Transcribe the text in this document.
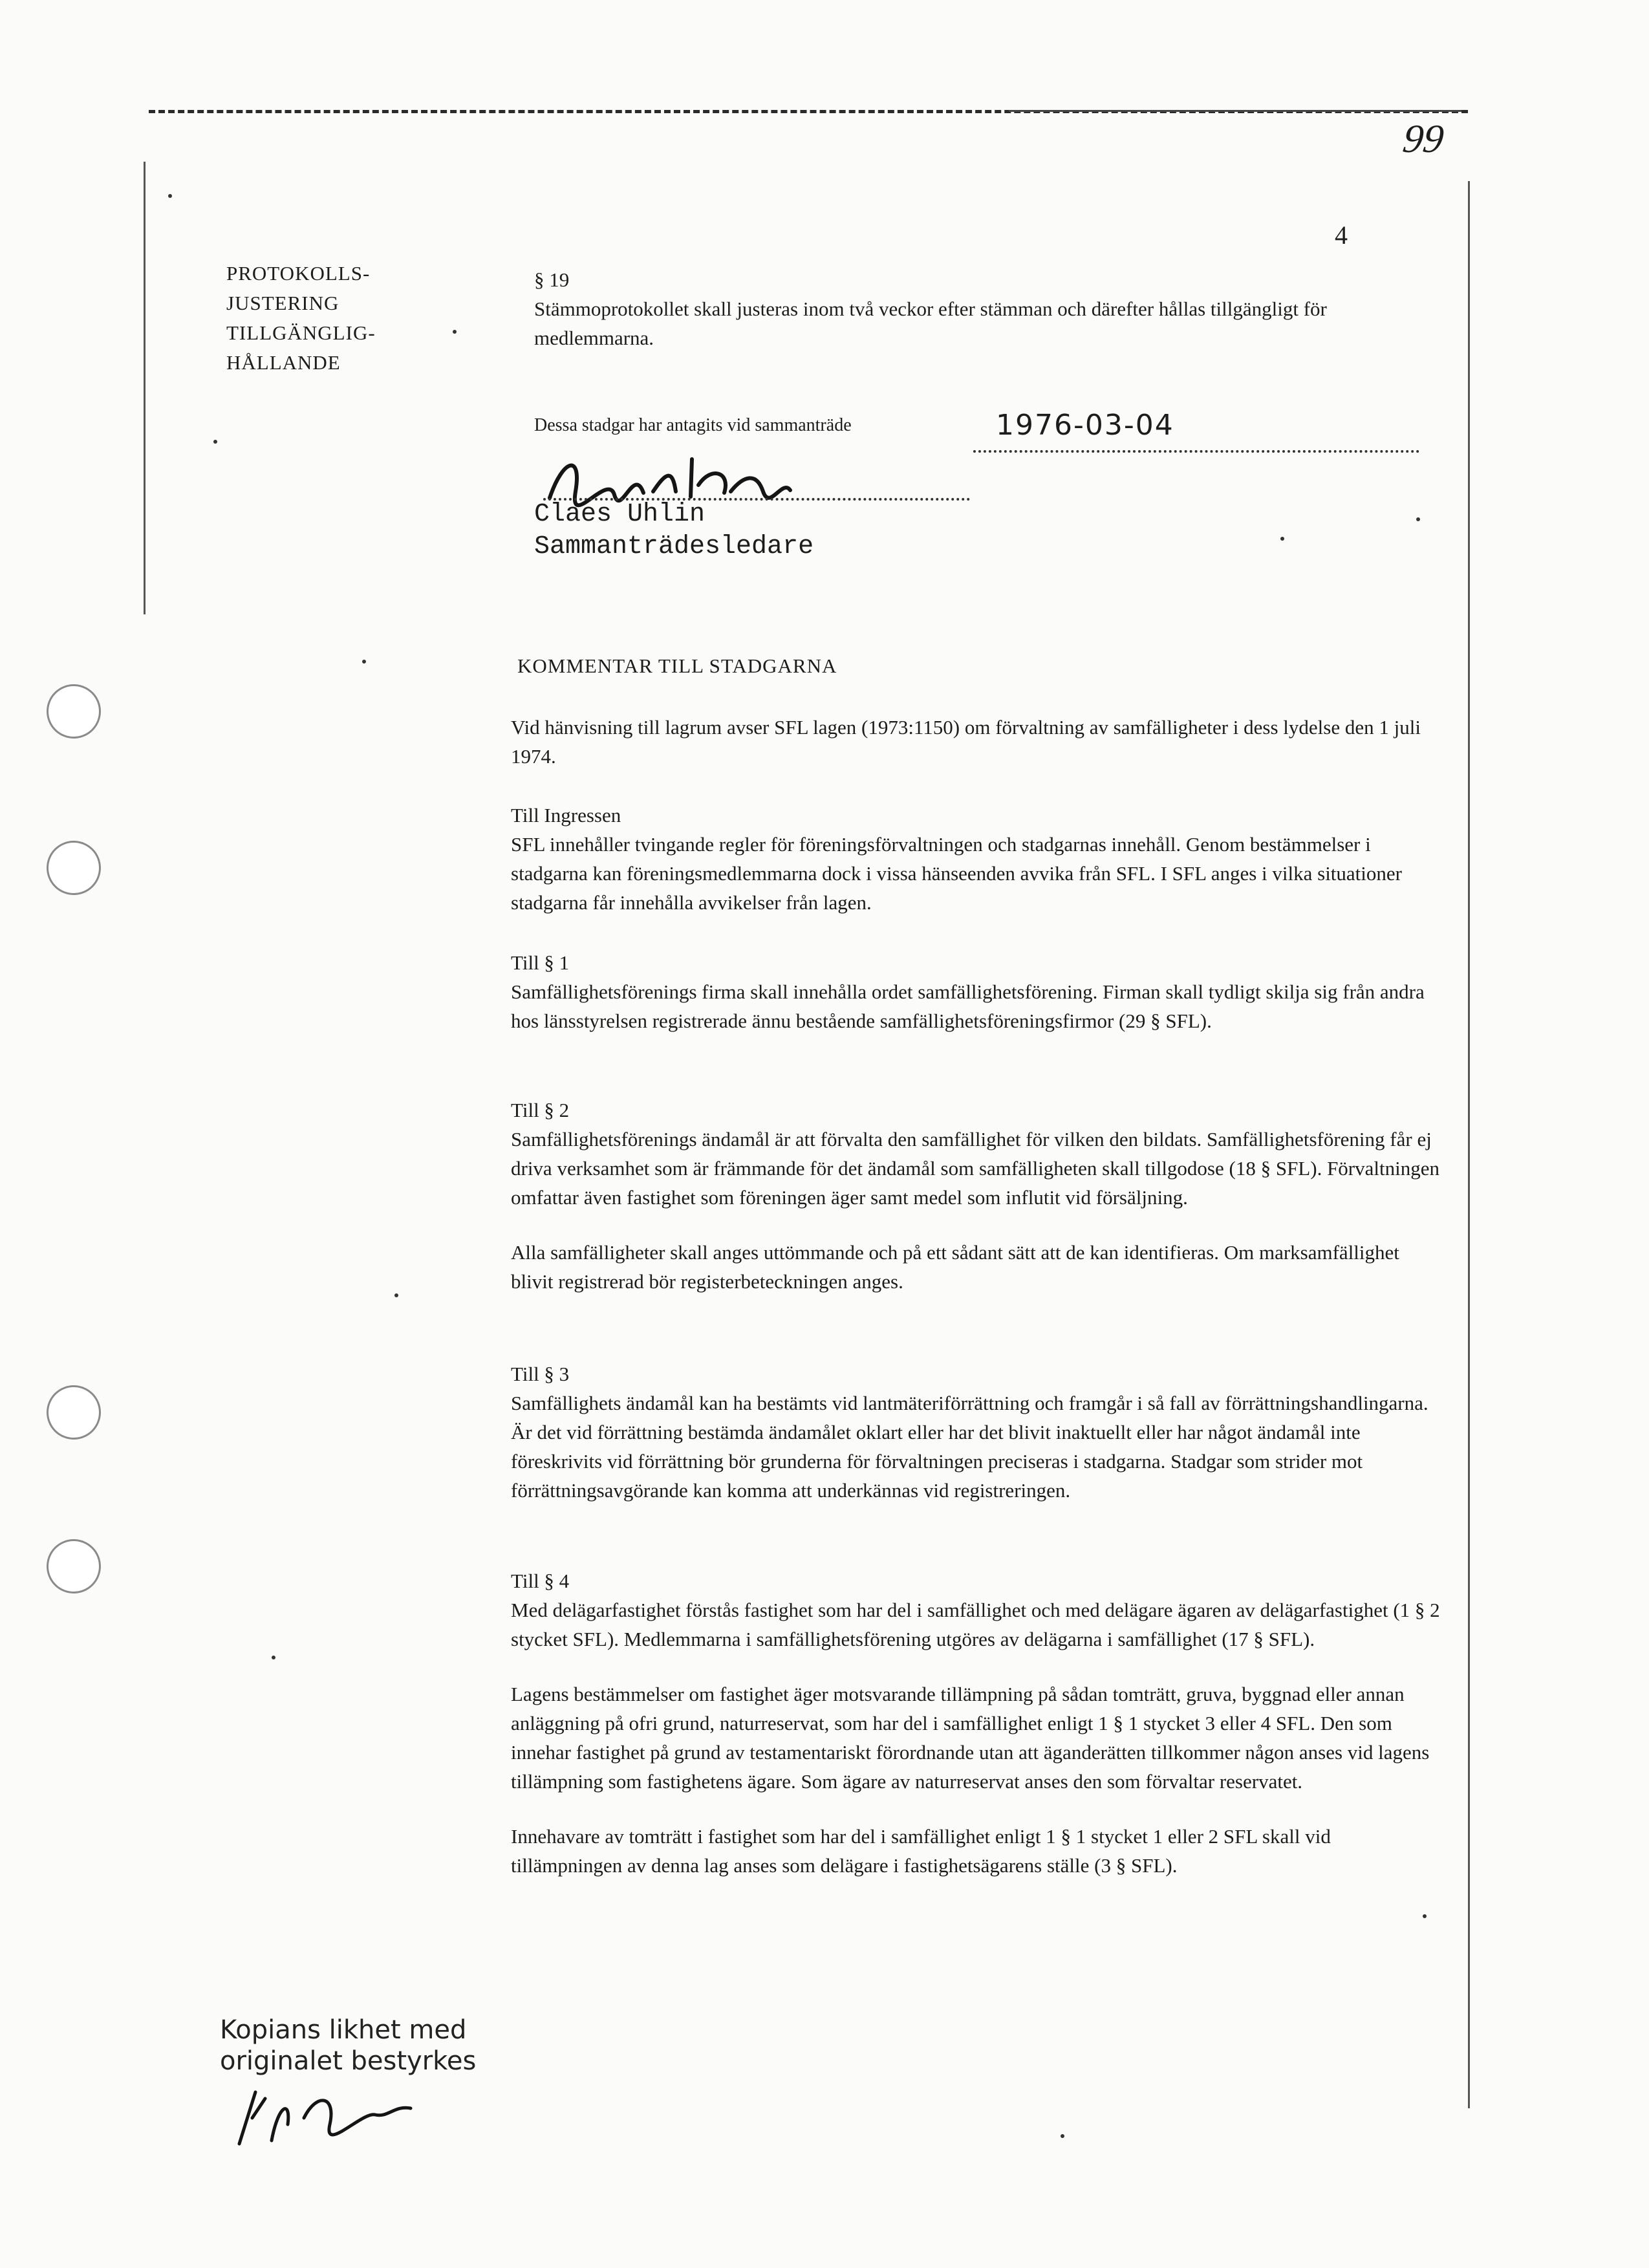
99
4
PROTOKOLLS-
JUSTERING
TILLGÄNGLIG-
HÅLLANDE
§ 19

Stämmoprotokollet skall justeras inom två veckor efter stämman och därefter hållas tillgängligt för medlemmarna.

Dessa stadgar har antagits vid sammanträde	1976-03-04
Claes Uhlin
Sammanträdesledare
KOMMENTAR TILL STADGARNA

Vid hänvisning till lagrum avser SFL lagen (1973:1150) om förvaltning av samfälligheter i dess lydelse den 1 juli 1974.

Till Ingressen

SFL innehåller tvingande regler för föreningsförvaltningen och stadgarnas innehåll. Genom bestämmelser i stadgarna kan föreningsmedlemmarna dock i vissa hänseenden avvika från SFL. I SFL anges i vilka situationer stadgarna får innehålla avvikelser från lagen.

Till § 1

Samfällighetsförenings firma skall innehålla ordet samfällighetsförening. Firman skall tydligt skilja sig från andra hos länsstyrelsen registrerade ännu bestående samfällighetsföreningsfirmor (29 § SFL).

Till § 2

Samfällighetsförenings ändamål är att förvalta den samfällighet för vilken den bildats. Samfällighetsförening får ej driva verksamhet som är främmande för det ändamål som samfälligheten skall tillgodose (18 § SFL). Förvaltningen omfattar även fastighet som föreningen äger samt medel som influtit vid försäljning.

Alla samfälligheter skall anges uttömmande och på ett sådant sätt att de kan identifieras. Om marksamfällighet blivit registrerad bör registerbeteckningen anges.

Till § 3

Samfällighets ändamål kan ha bestämts vid lantmäteriförrättning och framgår i så fall av förrättningshandlingarna. Är det vid förrättning bestämda ändamålet oklart eller har det blivit inaktuellt eller har något ändamål inte föreskrivits vid förrättning bör grunderna för förvaltningen preciseras i stadgarna. Stadgar som strider mot förrättningsavgörande kan komma att underkännas vid registreringen.

Till § 4

Med delägarfastighet förstås fastighet som har del i samfällighet och med delägare ägaren av delägarfastighet (1 § 2 stycket SFL). Medlemmarna i samfällighetsförening utgöres av delägarna i samfällighet (17 § SFL).

Lagens bestämmelser om fastighet äger motsvarande tillämpning på sådan tomträtt, gruva, byggnad eller annan anläggning på ofri grund, naturreservat, som har del i samfällighet enligt 1 § 1 stycket 3 eller 4 SFL. Den som innehar fastighet på grund av testamentariskt förordnande utan att äganderätten tillkommer någon anses vid lagens tillämpning som fastighetens ägare. Som ägare av naturreservat anses den som förvaltar reservatet.

Innehavare av tomträtt i fastighet som har del i samfällighet enligt 1 § 1 stycket 1 eller 2 SFL skall vid tillämpningen av denna lag anses som delägare i fastighetsägarens ställe (3 § SFL).

Kopians likhet med
originalet bestyrkes
